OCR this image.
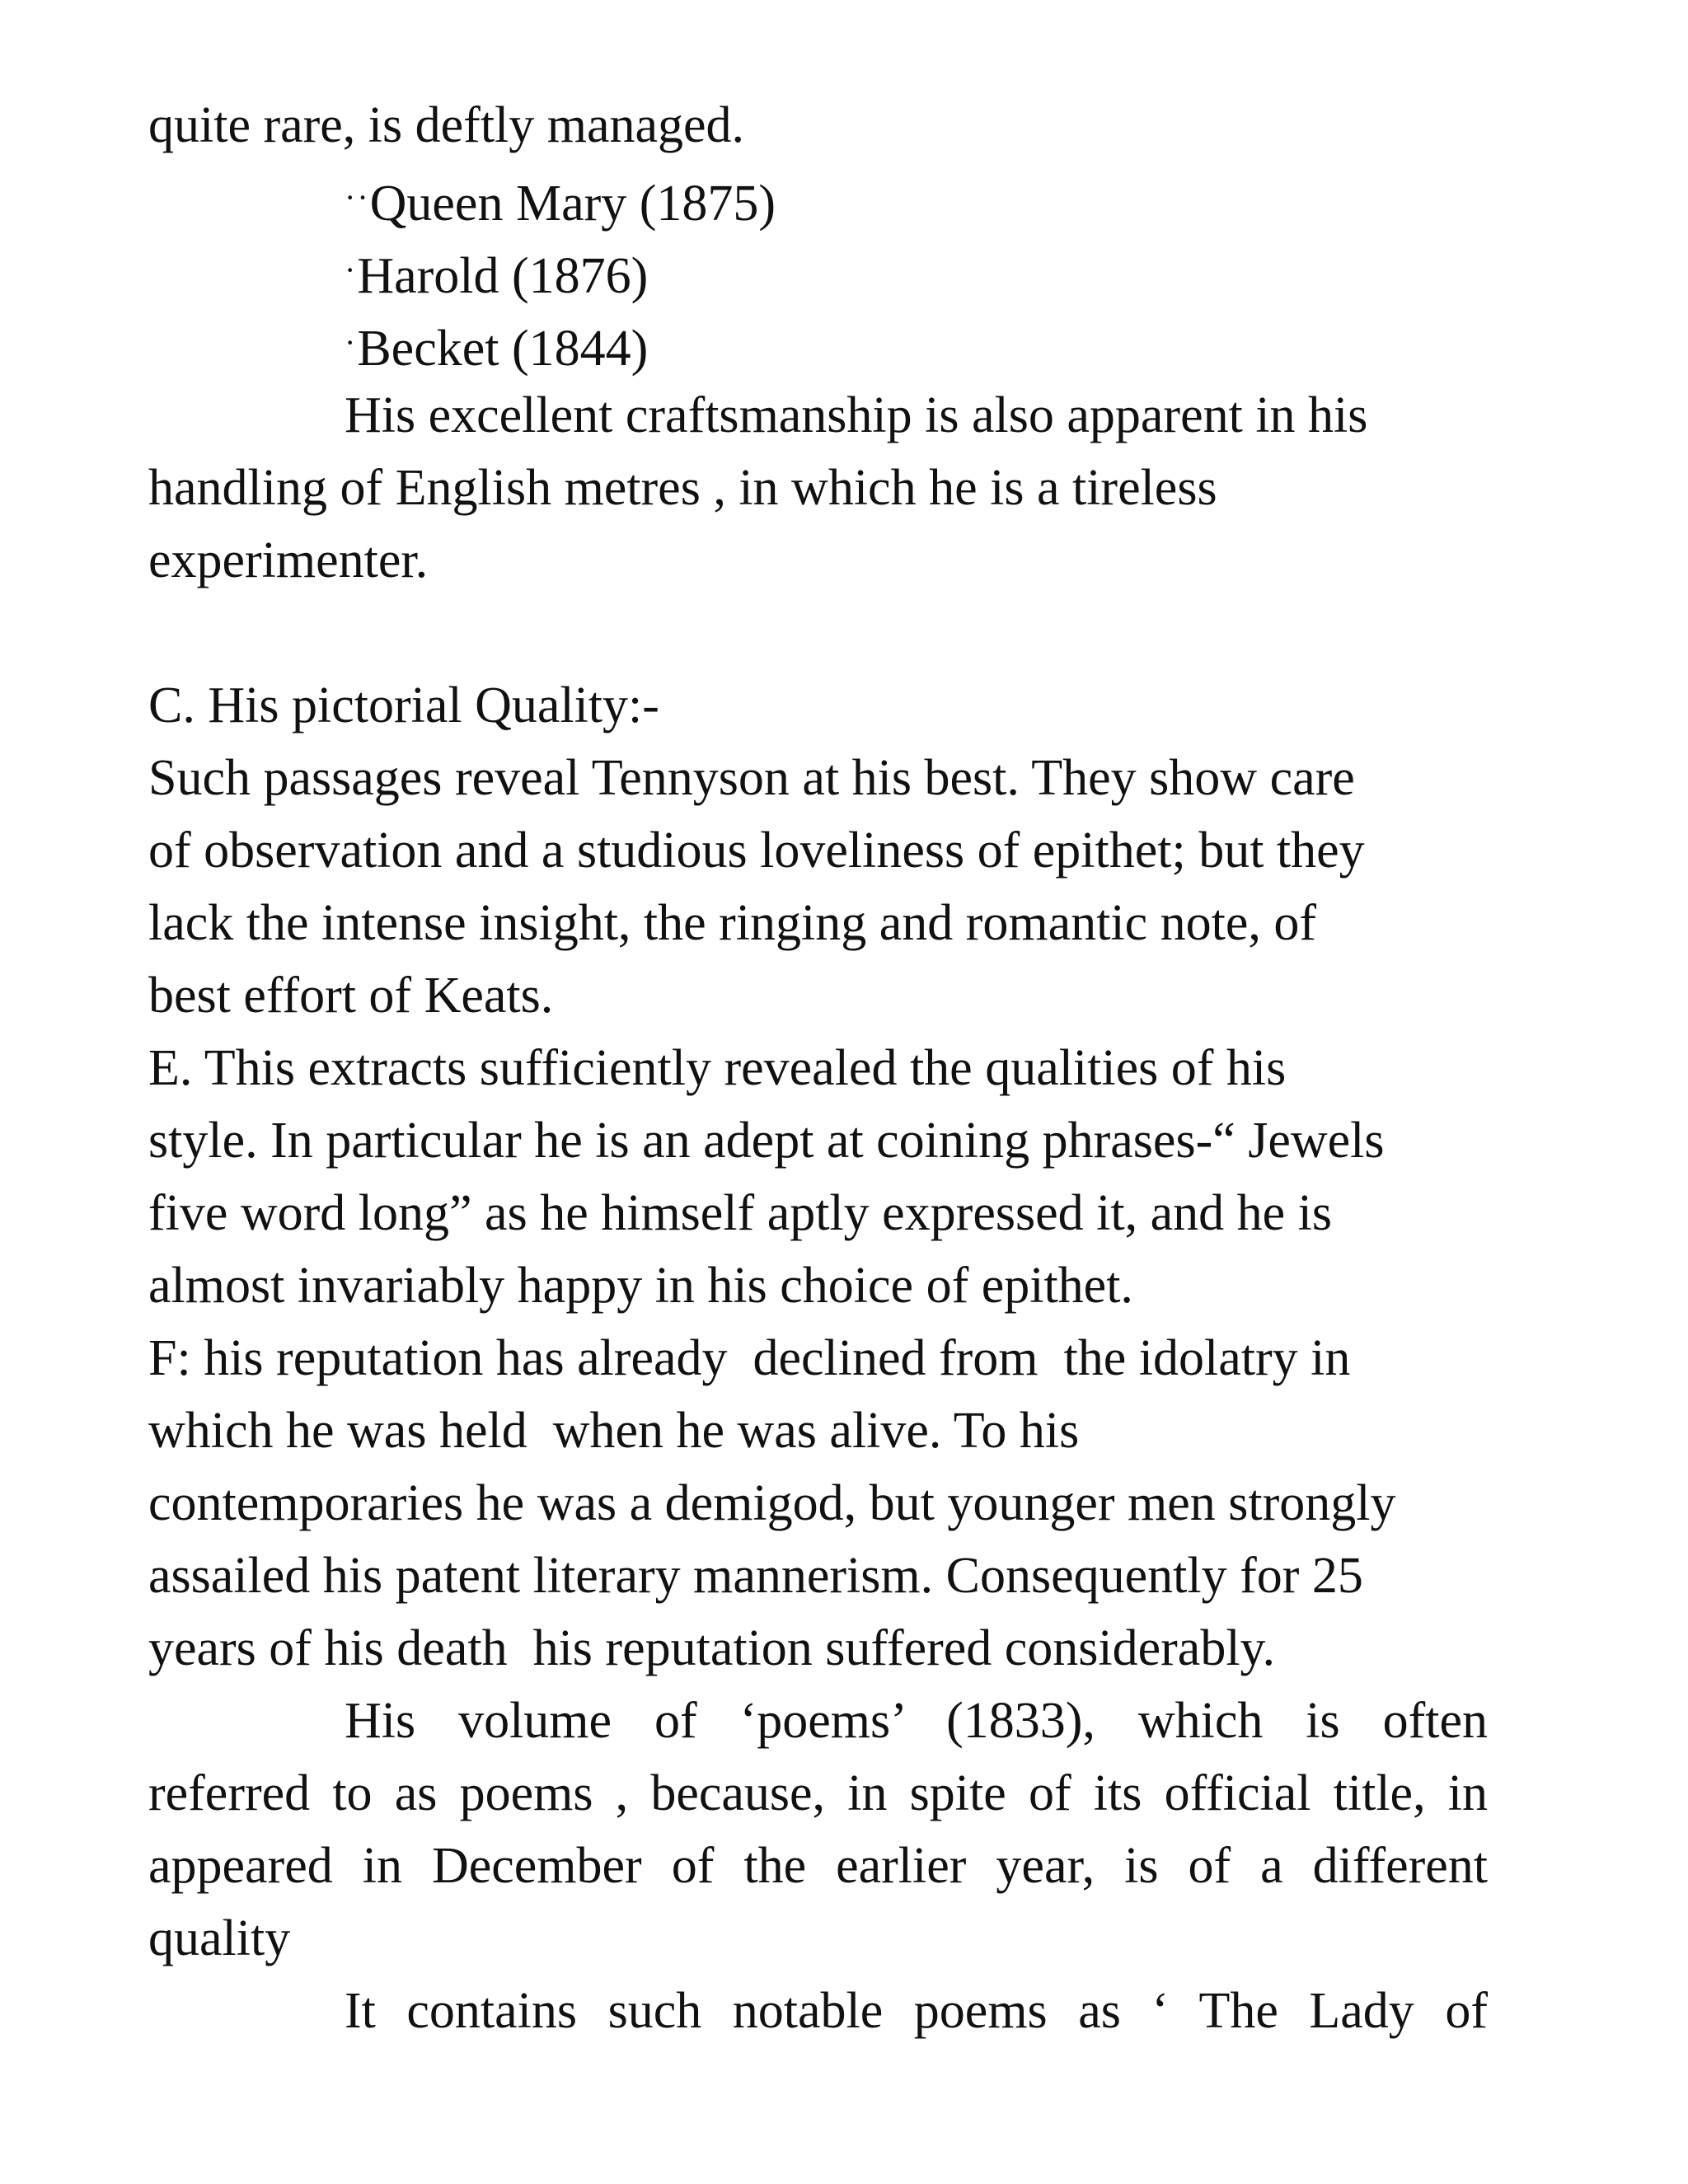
quite rare, is deftly managed.
··Queen Mary (1875)
·Harold (1876)
·Becket (1844)
His excellent craftsmanship is also apparent in his
handling of English metres , in which he is a tireless
experimenter.
C. His pictorial Quality:-
Such passages reveal Tennyson at his best. They show care
of observation and a studious loveliness of epithet; but they
lack the intense insight, the ringing and romantic note, of
best effort of Keats.
E. This extracts sufficiently revealed the qualities of his
style. In particular he is an adept at coining phrases-“ Jewels
five word long” as he himself aptly expressed it, and he is
almost invariably happy in his choice of epithet.
F: his reputation has already  declined from  the idolatry in
which he was held  when he was alive. To his
contemporaries he was a demigod, but younger men strongly
assailed his patent literary mannerism. Consequently for 25
years of his death  his reputation suffered considerably.
His volume of ‘poems’ (1833), which is often
referred to as poems , because, in spite of its official title, in
appeared in December of the earlier year, is of a different
quality
It contains such notable poems as ‘ The Lady of
